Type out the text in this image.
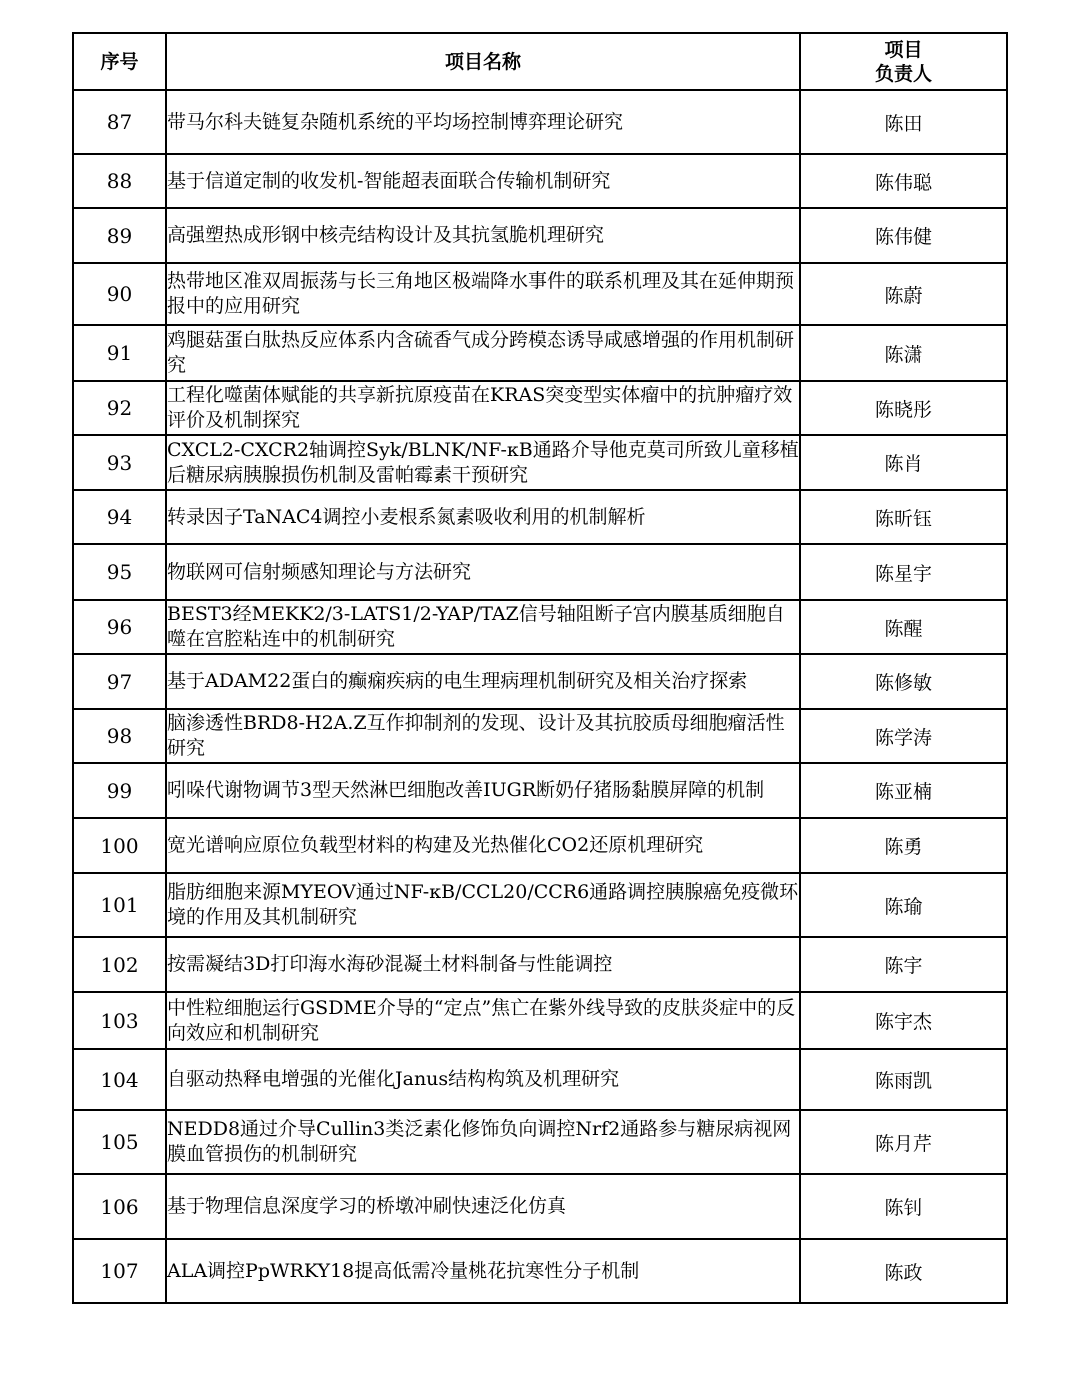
序号	项目名称	项目
负责人

87	带马尔科夫链复杂随机系统的平均场控制博弈理论研究	陈田
88	基于信道定制的收发机-智能超表面联合传输机制研究	陈伟聪
89	高强塑热成形钢中核壳结构设计及其抗氢脆机理研究	陈伟健
90	热带地区准双周振荡与长三角地区极端降水事件的联系机理及其在延伸期预报中的应用研究	陈蔚
91	鸡腿菇蛋白肽热反应体系内含硫香气成分跨模态诱导咸感增强的作用机制研究	陈潇
92	工程化噬菌体赋能的共享新抗原疫苗在KRAS突变型实体瘤中的抗肿瘤疗效评价及机制探究	陈晓彤
93	CXCL2-CXCR2轴调控Syk/BLNK/NF-κB通路介导他克莫司所致儿童移植后糖尿病胰腺损伤机制及雷帕霉素干预研究	陈肖
94	转录因子TaNAC4调控小麦根系氮素吸收利用的机制解析	陈昕钰
95	物联网可信射频感知理论与方法研究	陈星宇
96	BEST3经MEKK2/3-LATS1/2-YAP/TAZ信号轴阻断子宫内膜基质细胞自噬在宫腔粘连中的机制研究	陈醒
97	基于ADAM22蛋白的癫痫疾病的电生理病理机制研究及相关治疗探索	陈修敏
98	脑渗透性BRD8-H2A.Z互作抑制剂的发现、设计及其抗胶质母细胞瘤活性研究	陈学涛
99	吲哚代谢物调节3型天然淋巴细胞改善IUGR断奶仔猪肠黏膜屏障的机制	陈亚楠
100	宽光谱响应原位负载型材料的构建及光热催化CO2还原机理研究	陈勇
101	脂肪细胞来源MYEOV通过NF-κB/CCL20/CCR6通路调控胰腺癌免疫微环境的作用及其机制研究	陈瑜
102	按需凝结3D打印海水海砂混凝土材料制备与性能调控	陈宇
103	中性粒细胞运行GSDME介导的“定点”焦亡在紫外线导致的皮肤炎症中的反向效应和机制研究	陈宇杰
104	自驱动热释电增强的光催化Janus结构构筑及机理研究	陈雨凯
105	NEDD8通过介导Cullin3类泛素化修饰负向调控Nrf2通路参与糖尿病视网膜血管损伤的机制研究	陈月芹
106	基于物理信息深度学习的桥墩冲刷快速泛化仿真	陈钊
107	ALA调控PpWRKY18提高低需冷量桃花抗寒性分子机制	陈政
